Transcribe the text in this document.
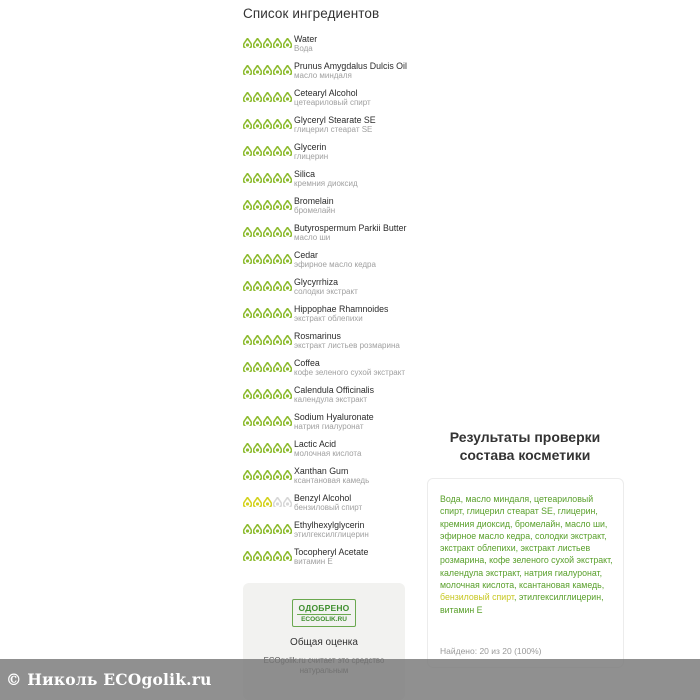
Список ингредиентов
Water
Вода
Prunus Amygdalus Dulcis Oil
масло миндаля
Cetearyl Alcohol
цетеариловый спирт
Glyceryl Stearate SE
глицерил стеарат SE
Glycerin
глицерин
Silica
кремния диоксид
Bromelain
бромелайн
Butyrospermum Parkii Butter
масло ши
Cedar
эфирное масло кедра
Glycyrrhiza
солодки экстракт
Hippophae Rhamnoides
экстракт облепихи
Rosmarinus
экстракт листьев розмарина
Coffea
кофе зеленого сухой экстракт
Calendula Officinalis
календула экстракт
Sodium Hyaluronate
натрия гиалуронат
Lactic Acid
молочная кислота
Xanthan Gum
ксантановая камедь
Benzyl Alcohol
бензиловый спирт
Ethylhexylglycerin
этилгексилглицерин
Tocopheryl Acetate
витамин Е
ОДОБРЕНО
ECOGOLIK.RU
Общая оценка
Результаты проверки состава косметики
Вода, масло миндаля, цетеариловый спирт, глицерил стеарат SE, глицерин, кремния диоксид, бромелайн, масло ши, эфирное масло кедра, солодки экстракт, экстракт облепихи, экстракт листьев розмарина, кофе зеленого сухой экстракт, календула экстракт, натрия гиалуронат, молочная кислота, ксантановая камедь, бензиловый спирт, этилгексилглицерин, витамин Е
Найдено: 20 из 20 (100%)
© Николь ECOgolik.ru
